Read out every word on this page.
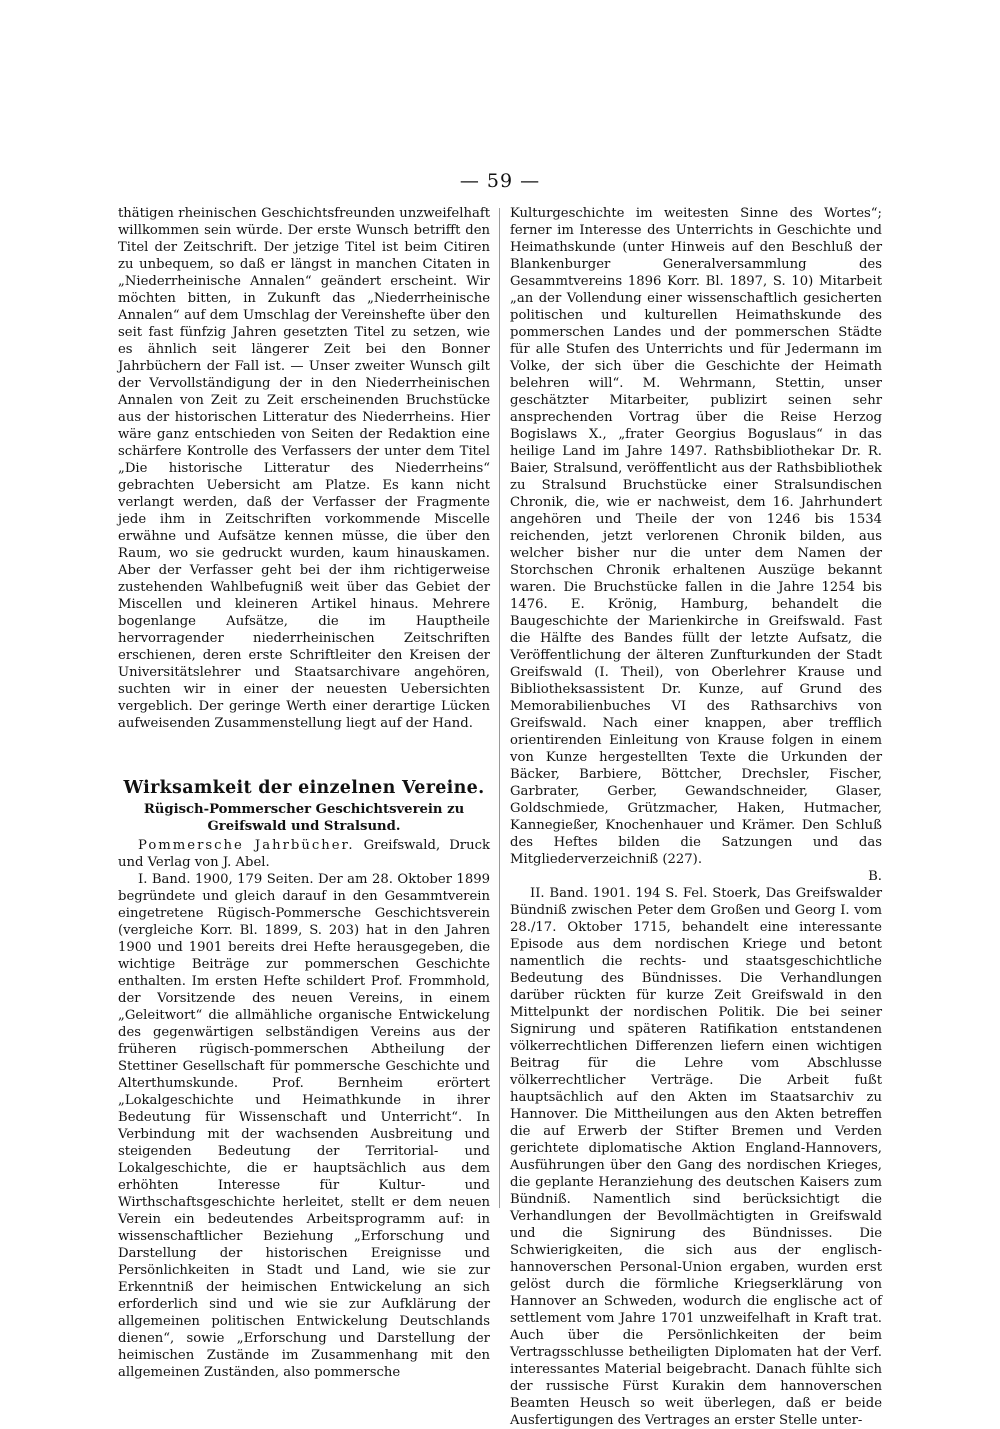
— 59 —

thätigen rheinischen Geschichtsfreunden unzweifelhaft willkommen sein würde. Der erste Wunsch betrifft den Titel der Zeitschrift. Der jetzige Titel ist beim Citiren zu unbequem, so daß er längst in manchen Citaten in „Niederrheinische Annalen“ geändert erscheint. Wir möchten bitten, in Zukunft das „Niederrheinische Annalen“ auf dem Umschlag der Vereinshefte über den seit fast fünfzig Jahren gesetzten Titel zu setzen, wie es ähnlich seit längerer Zeit bei den Bonner Jahrbüchern der Fall ist. — Unser zweiter Wunsch gilt der Vervollständigung der in den Niederrheinischen Annalen von Zeit zu Zeit erscheinenden Bruchstücke aus der historischen Litteratur des Niederrheins. Hier wäre ganz entschieden von Seiten der Redaktion eine schärfere Kontrolle des Verfassers der unter dem Titel „Die historische Litteratur des Niederrheins“ gebrachten Uebersicht am Platze. Es kann nicht verlangt werden, daß der Verfasser der Fragmente jede ihm in Zeitschriften vorkommende Miscelle erwähne und Aufsätze kennen müsse, die über den Raum, wo sie gedruckt wurden, kaum hinauskamen. Aber der Verfasser geht bei der ihm richtigerweise zustehenden Wahlbefugniß weit über das Gebiet der Miscellen und kleineren Artikel hinaus. Mehrere bogenlange Aufsätze, die im Hauptheile hervorragender niederrheinischen Zeitschriften erschienen, deren erste Schriftleiter den Kreisen der Universitätslehrer und Staatsarchivare angehören, suchten wir in einer der neuesten Uebersichten vergeblich. Der geringe Werth einer derartige Lücken aufweisenden Zusammenstellung liegt auf der Hand.

Wirksamkeit der einzelnen Vereine.
Rügisch-Pommerscher Geschichtsverein zu Greifswald und Stralsund.

Pommersche Jahrbücher. Greifswald, Druck und Verlag von J. Abel.

I. Band. 1900, 179 Seiten. Der am 28. Oktober 1899 begründete und gleich darauf in den Gesammtverein eingetretene Rügisch-Pommersche Geschichtsverein (vergleiche Korr. Bl. 1899, S. 203) hat in den Jahren 1900 und 1901 bereits drei Hefte herausgegeben, die wichtige Beiträge zur pommerschen Geschichte enthalten. Im ersten Hefte schildert Prof. Frommhold, der Vorsitzende des neuen Vereins, in einem „Geleitwort“ die allmähliche organische Entwickelung des gegenwärtigen selbständigen Vereins aus der früheren rügisch-pommerschen Abtheilung der Stettiner Gesellschaft für pommersche Geschichte und Alterthumskunde. Prof. Bernheim erörtert „Lokalgeschichte und Heimathkunde in ihrer Bedeutung für Wissenschaft und Unterricht“. In Verbindung mit der wachsenden Ausbreitung und steigenden Bedeutung der Territorial- und Lokalgeschichte, die er hauptsächlich aus dem erhöhten Interesse für Kultur- und Wirthschaftsgeschichte herleitet, stellt er dem neuen Verein ein bedeutendes Arbeitsprogramm auf: in wissenschaftlicher Beziehung „Erforschung und Darstellung der historischen Ereignisse und Persönlichkeiten in Stadt und Land, wie sie zur Erkenntniß der heimischen Entwickelung an sich erforderlich sind und wie sie zur Aufklärung der allgemeinen politischen Entwickelung Deutschlands dienen“, sowie „Erforschung und Darstellung der heimischen Zustände im Zusammenhang mit den allgemeinen Zuständen, also pommersche

Kulturgeschichte im weitesten Sinne des Wortes“; ferner im Interesse des Unterrichts in Geschichte und Heimathskunde (unter Hinweis auf den Beschluß der Blankenburger Generalversammlung des Gesammtvereins 1896 Korr. Bl. 1897, S. 10) Mitarbeit „an der Vollendung einer wissenschaftlich gesicherten politischen und kulturellen Heimathskunde des pommerschen Landes und der pommerschen Städte für alle Stufen des Unterrichts und für Jedermann im Volke, der sich über die Geschichte der Heimath belehren will“. M. Wehrmann, Stettin, unser geschätzter Mitarbeiter, publizirt seinen sehr ansprechenden Vortrag über die Reise Herzog Bogislaws X., „frater Georgius Boguslaus“ in das heilige Land im Jahre 1497. Rathsbibliothekar Dr. R. Baier, Stralsund, veröffentlicht aus der Rathsbibliothek zu Stralsund Bruchstücke einer Stralsundischen Chronik, die, wie er nachweist, dem 16. Jahrhundert angehören und Theile der von 1246 bis 1534 reichenden, jetzt verlorenen Chronik bilden, aus welcher bisher nur die unter dem Namen der Storchschen Chronik erhaltenen Auszüge bekannt waren. Die Bruchstücke fallen in die Jahre 1254 bis 1476. E. Krönig, Hamburg, behandelt die Baugeschichte der Marienkirche in Greifswald. Fast die Hälfte des Bandes füllt der letzte Aufsatz, die Veröffentlichung der älteren Zunfturkunden der Stadt Greifswald (I. Theil), von Oberlehrer Krause und Bibliotheksassistent Dr. Kunze, auf Grund des Memorabilienbuches VI des Rathsarchivs von Greifswald. Nach einer knappen, aber trefflich orientirenden Einleitung von Krause folgen in einem von Kunze hergestellten Texte die Urkunden der Bäcker, Barbiere, Böttcher, Drechsler, Fischer, Garbrater, Gerber, Gewandschneider, Glaser, Goldschmiede, Grützmacher, Haken, Hutmacher, Kannegießer, Knochenhauer und Krämer. Den Schluß des Heftes bilden die Satzungen und das Mitgliederverzeichniß (227).

B.

II. Band. 1901. 194 S. Fel. Stoerk, Das Greifswalder Bündniß zwischen Peter dem Großen und Georg I. vom 28./17. Oktober 1715, behandelt eine interessante Episode aus dem nordischen Kriege und betont namentlich die rechts- und staatsgeschichtliche Bedeutung des Bündnisses. Die Verhandlungen darüber rückten für kurze Zeit Greifswald in den Mittelpunkt der nordischen Politik. Die bei seiner Signirung und späteren Ratifikation entstandenen völkerrechtlichen Differenzen liefern einen wichtigen Beitrag für die Lehre vom Abschlusse völkerrechtlicher Verträge. Die Arbeit fußt hauptsächlich auf den Akten im Staatsarchiv zu Hannover. Die Mittheilungen aus den Akten betreffen die auf Erwerb der Stifter Bremen und Verden gerichtete diplomatische Aktion England-Hannovers, Ausführungen über den Gang des nordischen Krieges, die geplante Heranziehung des deutschen Kaisers zum Bündniß. Namentlich sind berücksichtigt die Verhandlungen der Bevollmächtigten in Greifswald und die Signirung des Bündnisses. Die Schwierigkeiten, die sich aus der englisch-hannoverschen Personal-Union ergaben, wurden erst gelöst durch die förmliche Kriegserklärung von Hannover an Schweden, wodurch die englische act of settlement vom Jahre 1701 unzweifelhaft in Kraft trat. Auch über die Persönlichkeiten der beim Vertragsschlusse betheiligten Diplomaten hat der Verf. interessantes Material beigebracht. Danach fühlte sich der russische Fürst Kurakin dem hannoverschen Beamten Heusch so weit überlegen, daß er beide Ausfertigungen des Vertrages an erster Stelle unter-
